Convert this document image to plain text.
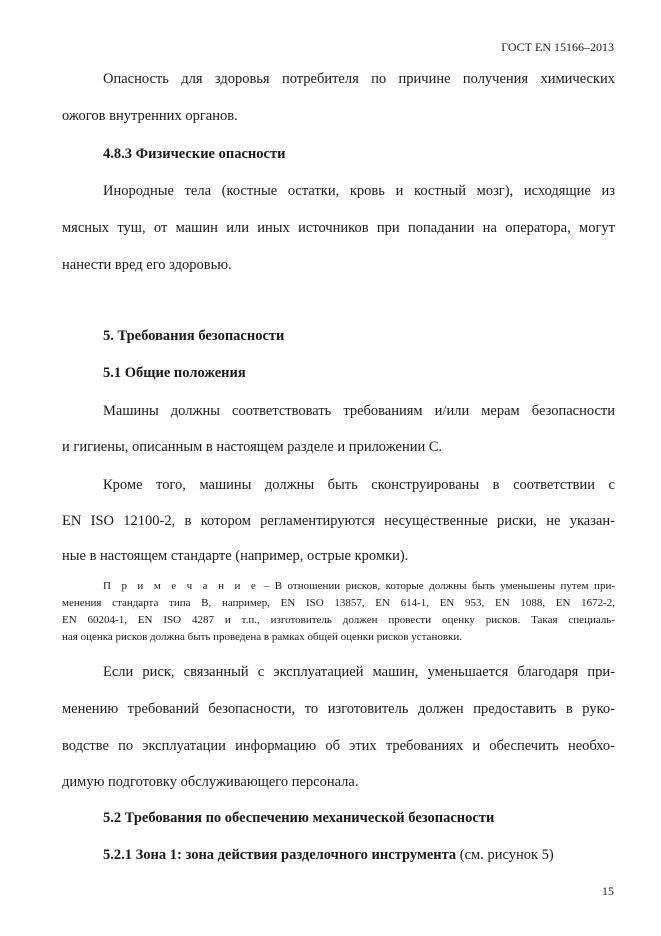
ГОСТ EN 15166–2013
Опасность для здоровья потребителя по причине получения химических
ожогов внутренних органов.
4.8.3 Физические опасности
Инородные тела (костные остатки, кровь и костный мозг), исходящие из
мясных туш, от машин или иных источников при попадании на оператора, могут
нанести вред его здоровью.
5. Требования безопасности
5.1 Общие положения
Машины должны соответствовать требованиям и/или мерам безопасности
и гигиены, описанным в настоящем разделе и приложении С.
Кроме того, машины должны быть сконструированы в соответствии с
EN ISO 12100-2, в котором регламентируются несущественные риски, не указан-
ные в настоящем стандарте (например, острые кромки).
П р и м е ч а н и е – В отношении рисков, которые должны быть уменьшены путем при-
менения стандарта типа В, например, EN ISO 13857, EN 614-1, EN 953, EN 1088, EN 1672-2,
EN 60204-1, EN ISO 4287 и т.п., изготовитель должен провести оценку рисков. Такая специаль-
ная оценка рисков должна быть проведена в рамках общей оценки рисков установки.
Если риск, связанный с эксплуатацией машин, уменьшается благодаря при-
менению требований безопасности, то изготовитель должен предоставить в руко-
водстве по эксплуатации информацию об этих требованиях и обеспечить необхо-
димую подготовку обслуживающего персонала.
5.2 Требования по обеспечению механической безопасности
5.2.1 Зона 1: зона действия разделочного инструмента (см. рисунок 5)
15
